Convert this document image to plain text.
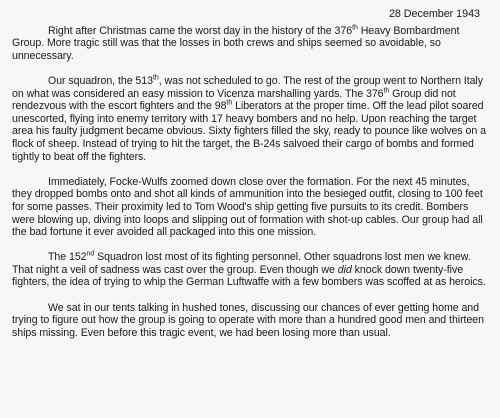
28 December 1943

Right after Christmas came the worst day in the history of the 376th Heavy Bombardment Group. More tragic still was that the losses in both crews and ships seemed so avoidable, so unnecessary.

Our squadron, the 513th, was not scheduled to go. The rest of the group went to Northern Italy on what was considered an easy mission to Vicenza marshalling yards. The 376th Group did not rendezvous with the escort fighters and the 98th Liberators at the proper time. Off the lead pilot soared unescorted, flying into enemy territory with 17 heavy bombers and no help. Upon reaching the target area his faulty judgment became obvious. Sixty fighters filled the sky, ready to pounce like wolves on a flock of sheep. Instead of trying to hit the target, the B-24s salvoed their cargo of bombs and formed tightly to beat off the fighters.

Immediately, Focke-Wulfs zoomed down close over the formation. For the next 45 minutes, they dropped bombs onto and shot all kinds of ammunition into the besieged outfit, closing to 100 feet for some passes. Their proximity led to Tom Wood's ship getting five pursuits to its credit. Bombers were blowing up, diving into loops and slipping out of formation with shot-up cables. Our group had all the bad fortune it ever avoided all packaged into this one mission.

The 152nd Squadron lost most of its fighting personnel. Other squadrons lost men we knew. That night a veil of sadness was cast over the group. Even though we did knock down twenty-five fighters, the idea of trying to whip the German Luftwaffe with a few bombers was scoffed at as heroics.

We sat in our tents talking in hushed tones, discussing our chances of ever getting home and trying to figure out how the group is going to operate with more than a hundred good men and thirteen ships missing. Even before this tragic event, we had been losing more than usual.
